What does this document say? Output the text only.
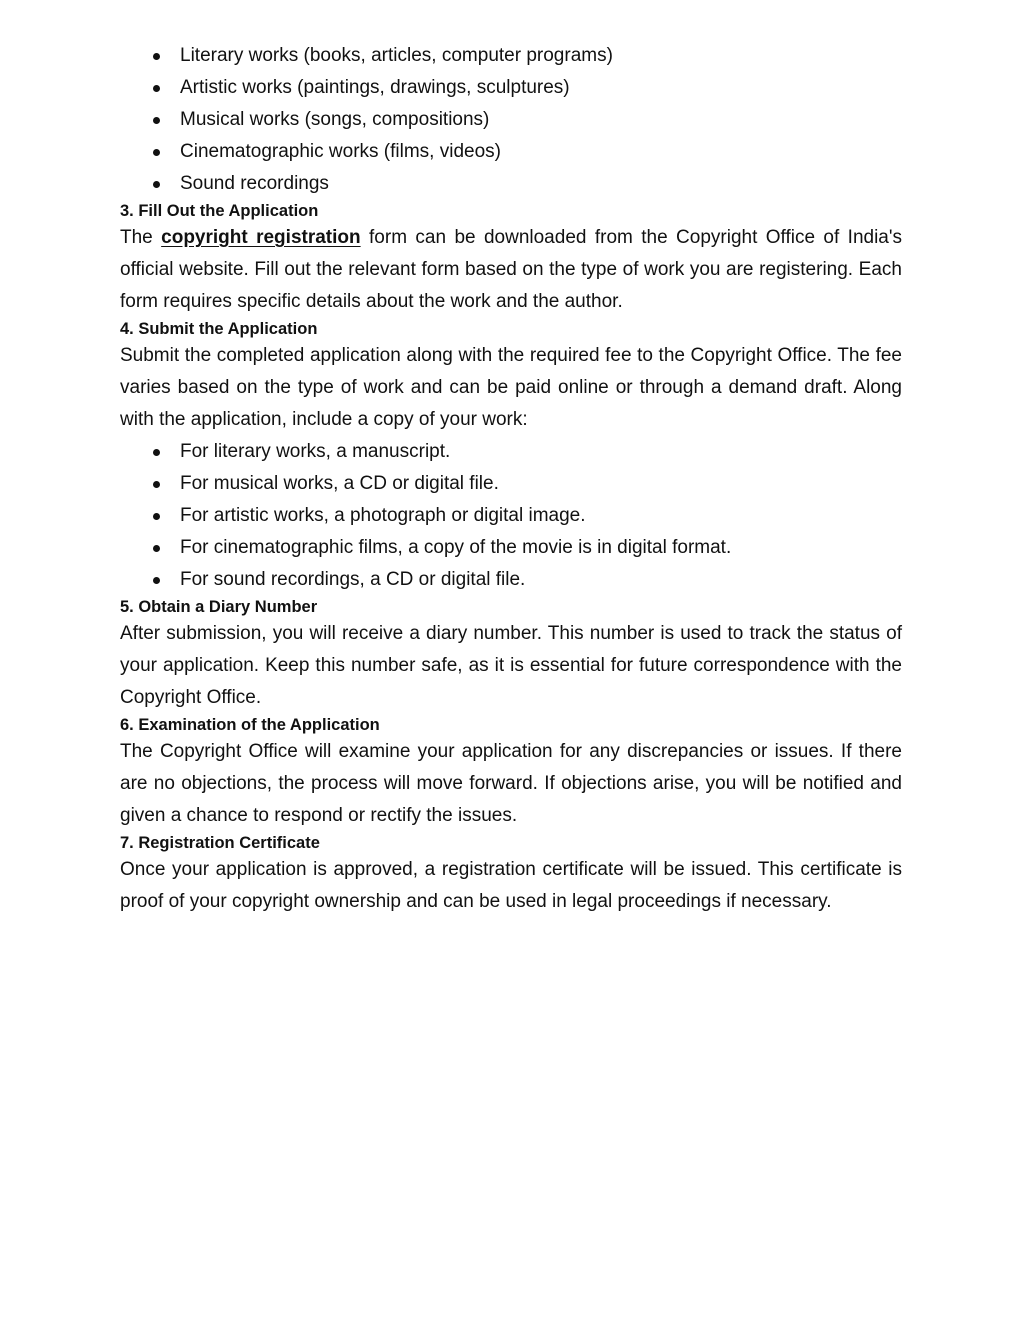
Literary works (books, articles, computer programs)
Artistic works (paintings, drawings, sculptures)
Musical works (songs, compositions)
Cinematographic works (films, videos)
Sound recordings
3. Fill Out the Application

The copyright registration form can be downloaded from the Copyright Office of India's official website. Fill out the relevant form based on the type of work you are registering. Each form requires specific details about the work and the author.

4. Submit the Application

Submit the completed application along with the required fee to the Copyright Office. The fee varies based on the type of work and can be paid online or through a demand draft. Along with the application, include a copy of your work:

For literary works, a manuscript.
For musical works, a CD or digital file.
For artistic works, a photograph or digital image.
For cinematographic films, a copy of the movie is in digital format.
For sound recordings, a CD or digital file.
5. Obtain a Diary Number

After submission, you will receive a diary number. This number is used to track the status of your application. Keep this number safe, as it is essential for future correspondence with the Copyright Office.

6. Examination of the Application

The Copyright Office will examine your application for any discrepancies or issues. If there are no objections, the process will move forward. If objections arise, you will be notified and given a chance to respond or rectify the issues.

7. Registration Certificate

Once your application is approved, a registration certificate will be issued. This certificate is proof of your copyright ownership and can be used in legal proceedings if necessary.
